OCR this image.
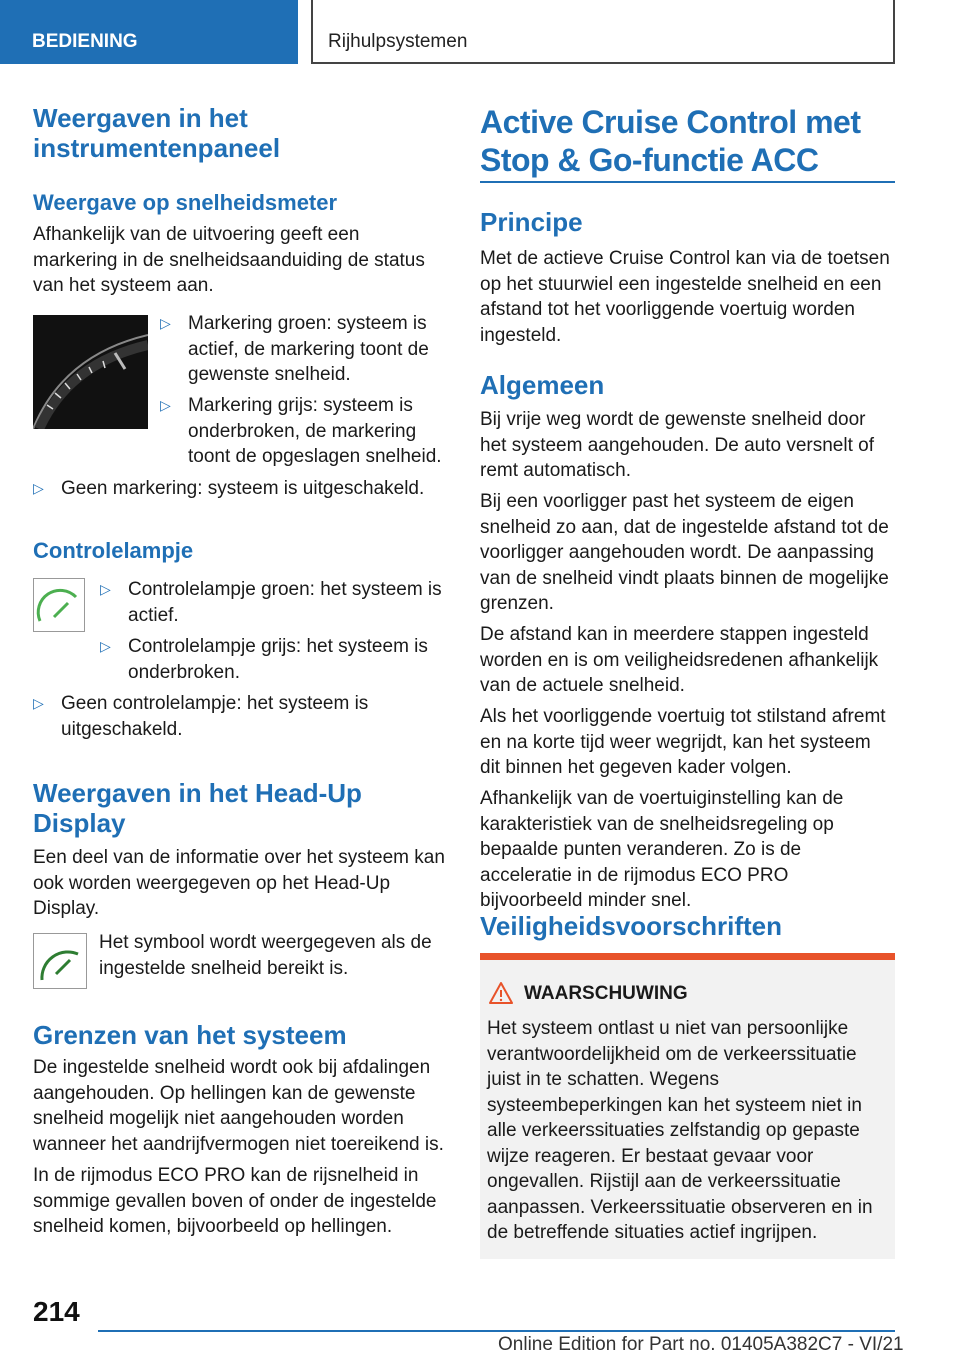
BEDIENING	Rijhulpsystemen
Weergaven in het instrumentenpaneel
Weergave op snelheidsmeter

Afhankelijk van de uitvoering geeft een markering in de snelheidsaanduiding de status van het systeem aan.

▷ Markering groen: systeem is actief, de markering toont de gewenste snelheid.
▷ Markering grijs: systeem is onderbroken, de markering toont de opgeslagen snelheid.
▷ Geen markering: systeem is uitgeschakeld.
Controlelampje
▷ Controlelampje groen: het systeem is actief.
▷ Controlelampje grijs: het systeem is onderbroken.
▷ Geen controlelampje: het systeem is uitgeschakeld.
Weergaven in het Head-Up Display

Een deel van de informatie over het systeem kan ook worden weergegeven op het Head-Up Display.

Het symbool wordt weergegeven als de ingestelde snelheid bereikt is.

Grenzen van het systeem

De ingestelde snelheid wordt ook bij afdalingen aangehouden. Op hellingen kan de gewenste snelheid mogelijk niet aangehouden worden wanneer het aandrijfvermogen niet toereikend is.

In de rijmodus ECO PRO kan de rijsnelheid in sommige gevallen boven of onder de ingestelde snelheid komen, bijvoorbeeld op hellingen.

Active Cruise Control met Stop & Go-functie ACC
Principe

Met de actieve Cruise Control kan via de toetsen op het stuurwiel een ingestelde snelheid en een afstand tot het voorliggende voertuig worden ingesteld.

Algemeen

Bij vrije weg wordt de gewenste snelheid door het systeem aangehouden. De auto versnelt of remt automatisch.

Bij een voorligger past het systeem de eigen snelheid zo aan, dat de ingestelde afstand tot de voorligger aangehouden wordt. De aanpassing van de snelheid vindt plaats binnen de mogelijke grenzen.

De afstand kan in meerdere stappen ingesteld worden en is om veiligheidsredenen afhankelijk van de actuele snelheid.

Als het voorliggende voertuig tot stilstand afremt en na korte tijd weer wegrijdt, kan het systeem dit binnen het gegeven kader volgen.

Afhankelijk van de voertuiginstelling kan de karakteristiek van de snelheidsregeling op bepaalde punten veranderen. Zo is de acceleratie in de rijmodus ECO PRO bijvoorbeeld minder snel.

Veiligheidsvoorschriften
WAARSCHUWING

Het systeem ontlast u niet van persoonlijke verantwoordelijkheid om de verkeerssituatie juist in te schatten. Wegens systeembeperkingen kan het systeem niet in alle verkeerssituaties zelfstandig op gepaste wijze reageren. Er bestaat gevaar voor ongevallen. Rijstijl aan de verkeerssituatie aanpassen. Verkeerssituatie observeren en in de betreffende situaties actief ingrijpen.

214
Online Edition for Part no. 01405A382C7 - VI/21
